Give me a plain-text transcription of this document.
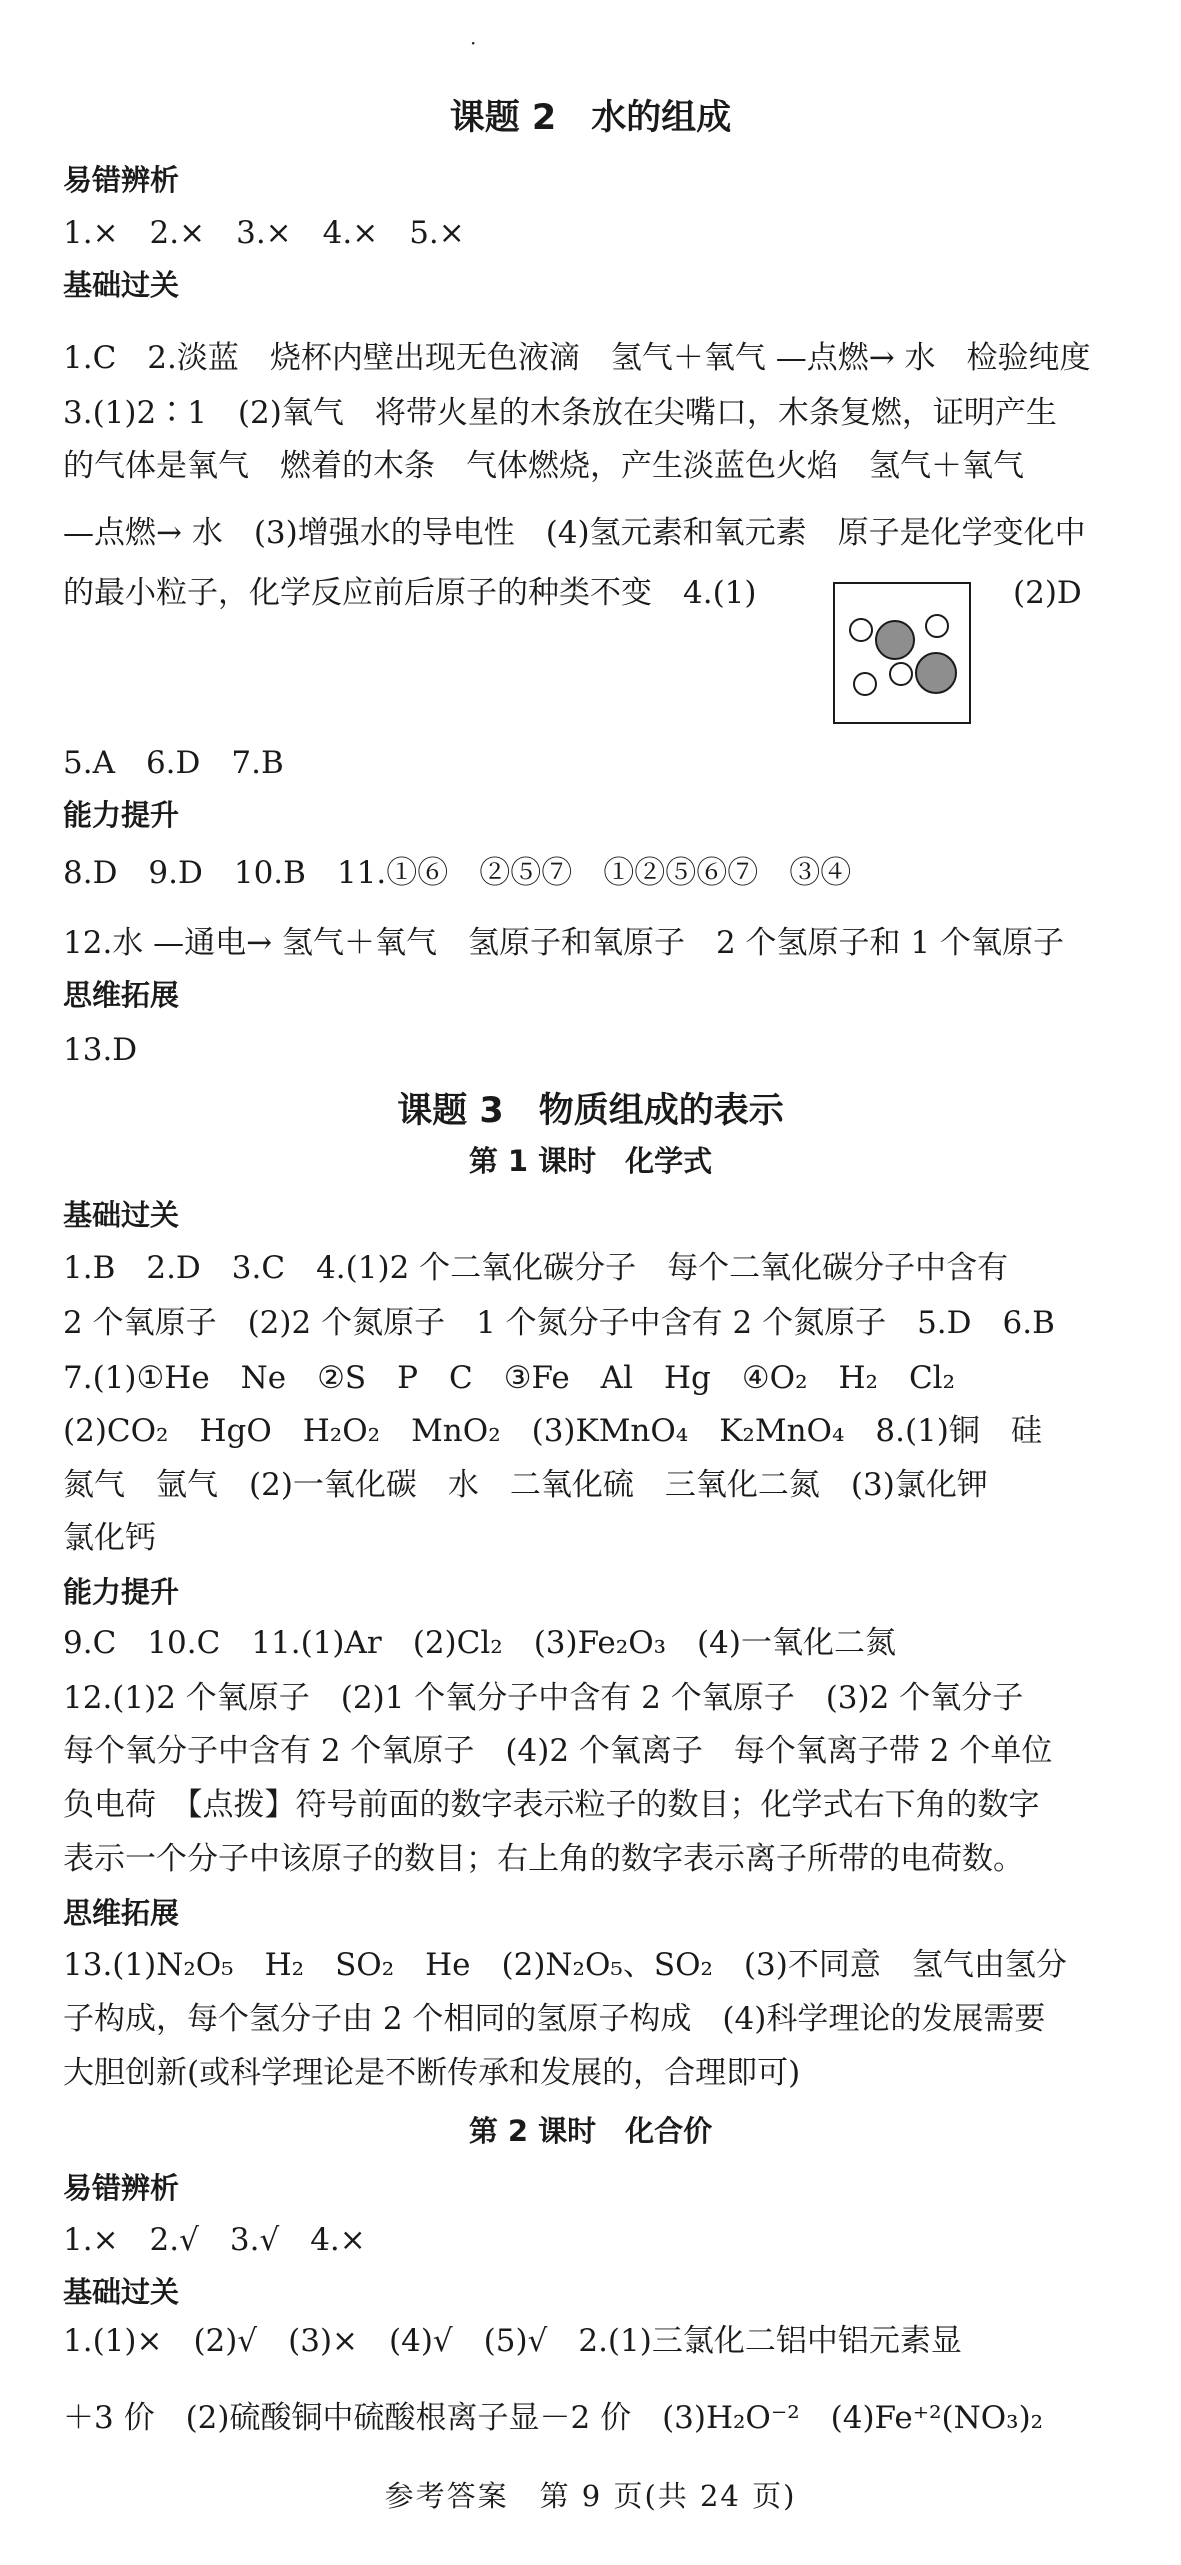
·
课题 2　水的组成
易错辨析
1.×　2.×　3.×　4.×　5.×
基础过关
1.C　2.淡蓝　烧杯内壁出现无色液滴　氢气＋氧气 —点燃→ 水　检验纯度
3.(1)2∶1　(2)氧气　将带火星的木条放在尖嘴口，木条复燃，证明产生
的气体是氧气　燃着的木条　气体燃烧，产生淡蓝色火焰　氢气＋氧气
—点燃→ 水　(3)增强水的导电性　(4)氢元素和氧元素　原子是化学变化中
的最小粒子，化学反应前后原子的种类不变　4.(1)	(2)D
5.A　6.D　7.B
能力提升
8.D　9.D　10.B　11.①⑥　②⑤⑦　①②⑤⑥⑦　③④
12.水 —通电→ 氢气＋氧气　氢原子和氧原子　2 个氢原子和 1 个氧原子
思维拓展
13.D
课题 3　物质组成的表示
第 1 课时　化学式
基础过关
1.B　2.D　3.C　4.(1)2 个二氧化碳分子　每个二氧化碳分子中含有
2 个氧原子　(2)2 个氮原子　1 个氮分子中含有 2 个氮原子　5.D　6.B
7.(1)①He　Ne　②S　P　C　③Fe　Al　Hg　④O₂　H₂　Cl₂
(2)CO₂　HgO　H₂O₂　MnO₂　(3)KMnO₄　K₂MnO₄　8.(1)铜　硅
氮气　氩气　(2)一氧化碳　水　二氧化硫　三氧化二氮　(3)氯化钾
氯化钙
能力提升
9.C　10.C　11.(1)Ar　(2)Cl₂　(3)Fe₂O₃　(4)一氧化二氮
12.(1)2 个氧原子　(2)1 个氧分子中含有 2 个氧原子　(3)2 个氧分子
每个氧分子中含有 2 个氧原子　(4)2 个氧离子　每个氧离子带 2 个单位
负电荷　【点拨】符号前面的数字表示粒子的数目；化学式右下角的数字
表示一个分子中该原子的数目；右上角的数字表示离子所带的电荷数。
思维拓展
13.(1)N₂O₅　H₂　SO₂　He　(2)N₂O₅、SO₂　(3)不同意　氢气由氢分
子构成，每个氢分子由 2 个相同的氢原子构成　(4)科学理论的发展需要
大胆创新(或科学理论是不断传承和发展的，合理即可)
第 2 课时　化合价
易错辨析
1.×　2.√　3.√　4.×
基础过关
1.(1)×　(2)√　(3)×　(4)√　(5)√　2.(1)三氯化二铝中铝元素显
＋3 价　(2)硫酸铜中硫酸根离子显－2 价　(3)H₂O⁻²　(4)Fe⁺²(NO₃)₂
参考答案　第 9 页(共 24 页)
